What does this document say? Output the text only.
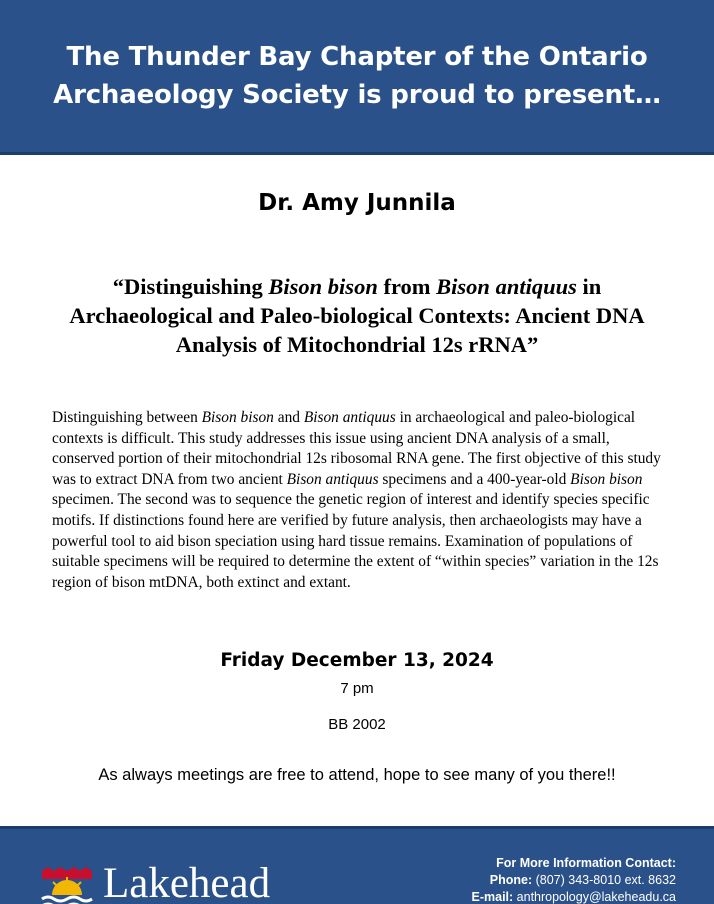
The Thunder Bay Chapter of the Ontario Archaeology Society is proud to present…
Dr. Amy Junnila
“Distinguishing Bison bison from Bison antiquus in Archaeological and Paleo-biological Contexts: Ancient DNA Analysis of Mitochondrial 12s rRNA”
Distinguishing between Bison bison and Bison antiquus in archaeological and paleo-biological contexts is difficult. This study addresses this issue using ancient DNA analysis of a small, conserved portion of their mitochondrial 12s ribosomal RNA gene. The first objective of this study was to extract DNA from two ancient Bison antiquus specimens and a 400-year-old Bison bison specimen. The second was to sequence the genetic region of interest and identify species specific motifs. If distinctions found here are verified by future analysis, then archaeologists may have a powerful tool to aid bison speciation using hard tissue remains. Examination of populations of suitable specimens will be required to determine the extent of “within species” variation in the 12s region of bison mtDNA, both extinct and extant.
Friday December 13, 2024
7 pm
BB 2002
As always meetings are free to attend, hope to see many of you there!!
Lakehead	For More Information Contact:
Phone: (807) 343-8010 ext. 8632
E-mail: anthropology@lakeheadu.ca
